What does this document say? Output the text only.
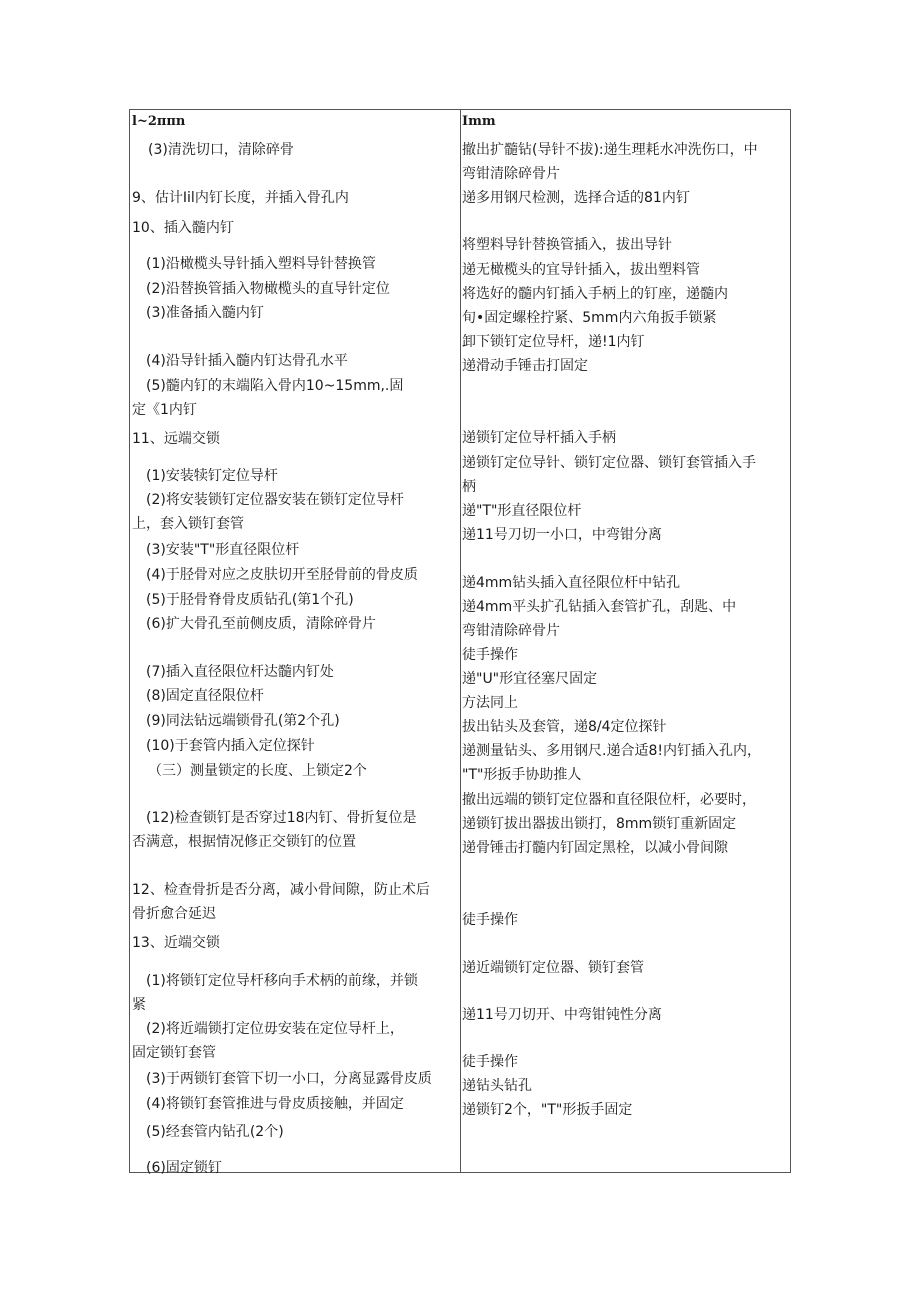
l~2ππn	Imm
(3)清洗切口，清除碎骨
9、估计Iil内钉长度，并插入骨孔内
10、插入髓内钉
(1)沿橄榄头导针插入塑料导针替换管
(2)沿替换管插入物橄榄头的直导针定位
(3)准备插入髓内钉
(4)沿导针插入髓内钉达骨孔水平
(5)髓内钉的末端陷入骨内10~15mm,.固
定《1内钉
11、远端交锁
(1)安装犊钉定位导杆
(2)将安装锁钉定位器安装在锁钉定位导杆
上，套入锁钉套管
(3)安装"T"形直径限位杆
(4)于胫骨对应之皮肤切开至胫骨前的骨皮质
(5)于胫骨脊骨皮质钻孔(第1个孔)
(6)扩大骨孔至前侧皮质，清除碎骨片
(7)插入直径限位杆达髓内钉处
(8)固定直径限位杆
(9)同法钻远端锁骨孔(第2个孔)
(10)于套管内插入定位探针
（三）测量锁定的长度、上锁定2个
(12)检查锁钉是否穿过18内钉、骨折复位是
否满意，根据情况修正交锁钉的位置
12、检查骨折是否分离，减小骨间隙，防止术后
骨折愈合延迟
13、近端交锁
(1)将锁钉定位导杆移向手术柄的前缘，并锁
紧
(2)将近端锁打定位毋安装在定位导杆上，
固定锁钉套管
(3)于两锁钉套管下切一小口，分离显露骨皮质
(4)将锁钉套管推进与骨皮质接触，并固定
(5)经套管内钻孔(2个)
(6)固定锁钉
撤出扩髓钻(导针不拔):递生理耗水冲洗伤口，中
弯钳清除碎骨片
递多用钢尺检测，选择合适的81内钉
将塑料导针替换管插入，拔出导针
递无橄榄头的宜导针插入，拔出塑料管
将选好的髓内钉插入手柄上的钉座，递髓内
旬•固定螺栓拧紧、5mm内六角扳手锁紧
卸下锁钉定位导杆，递!1内钉
递滑动手锤击打固定
递锁钉定位导杆插入手柄
递锁钉定位导针、锁钉定位器、锁钉套管插入手
柄
递"T"形直径限位杆
递11号刀切一小口，中弯钳分离
递4mm钻头插入直径限位杆中钻孔
递4mm平头扩孔钻插入套管扩孔，刮匙、中
弯钳清除碎骨片
徒手操作
递"U"形宜径塞尺固定
方法同上
拔出钻头及套管，递8/4定位探针
递测量钻头、多用钢尺.递合适8!内钉插入孔内，
"T"形扳手协助推人
撤出远端的锁钉定位器和直径限位杆，必要时，
递锁钉拔出器拔出锁打，8mm锁钉重新固定
递骨锤击打髓内钉固定黑栓，以减小骨间隙
徒手操作
递近端锁钉定位器、锁钉套管
递11号刀切开、中弯钳钝性分离
徒手操作
递钻头钻孔
递锁钉2个，"T"形扳手固定
